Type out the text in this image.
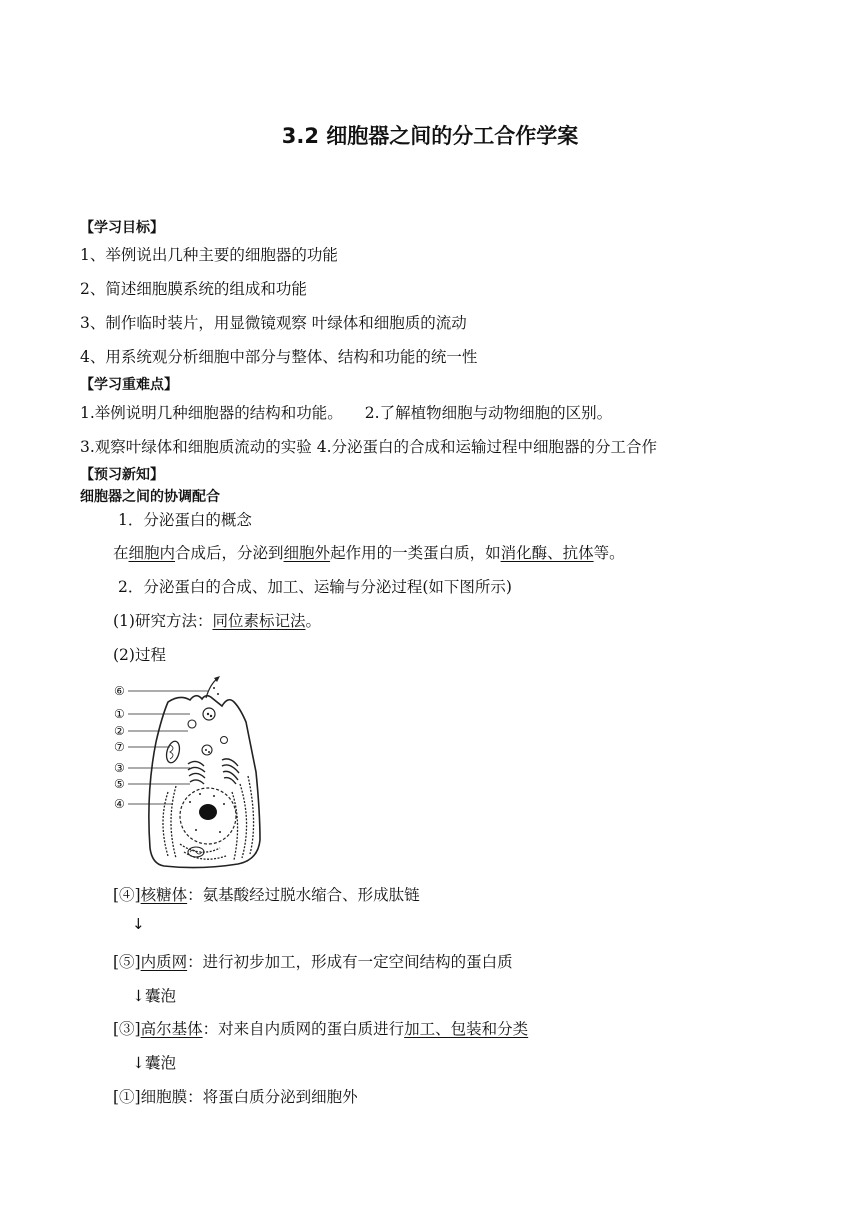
3.2 细胞器之间的分工合作学案
【学习目标】
1、举例说出几种主要的细胞器的功能
2、简述细胞膜系统的组成和功能
3、制作临时装片，用显微镜观察 叶绿体和细胞质的流动
4、用系统观分析细胞中部分与整体、结构和功能的统一性
【学习重难点】
1.举例说明几种细胞器的结构和功能。 2.了解植物细胞与动物细胞的区别。
3.观察叶绿体和细胞质流动的实验 4.分泌蛋白的合成和运输过程中细胞器的分工合作
【预习新知】
细胞器之间的协调配合
1．分泌蛋白的概念
在细胞内合成后，分泌到细胞外起作用的一类蛋白质，如消化酶、抗体等。
2．分泌蛋白的合成、加工、运输与分泌过程(如下图所示)
(1)研究方法：同位素标记法。
(2)过程
⑥
①
②
⑦
③
⑤
④
[④]核糖体：氨基酸经过脱水缩合、形成肽链
↓
[⑤]内质网：进行初步加工，形成有一定空间结构的蛋白质
↓囊泡
[③]高尔基体：对来自内质网的蛋白质进行加工、包装和分类
↓囊泡
[①]细胞膜：将蛋白质分泌到细胞外
